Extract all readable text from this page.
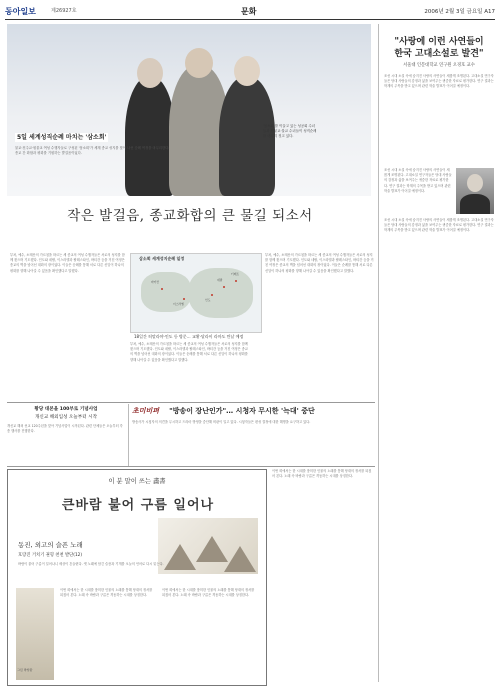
동아일보	제26927호	문화	2006년 2월 3일 금요일 A17
5일 세계성직순례 마치는 '삼소회'
불교·천주교·원불교 여성 수행자들로 구성된 '삼소회'가 세계 종교 성지를 찾아 나선 순례 여정을 마무리한다. 종교 간 화합과 평화를 기원하는 발걸음이었다.
'삼소회'를 이끌고 있는 성공회 수녀들과 원불교·불교 수녀들이 성직순례를 마무리 짓고 있다.
작은 발걸음, 종교화합의 큰 물길 되소서
부처, 예수, 소태산의 가르침을 따르는 세 종교의 여성 수행자들은 서로의 성지를 함께 찾으며 기도했다. 인도와 네팔, 이스라엘과 팔레스타인, 바티칸 등을 거친 여정은 종교의 벽을 넘어선 대화의 장이었다. 이들은 순례를 통해 서로 다른 신앙이 하나의 평화를 향해 나아갈 수 있음을 확인했다고 말했다.
삼소회 세계성지순례 일정
인도
네팔
이스라엘
바티칸
티베트
18일간 히말라야·인도 등 방문… 교황·달라이 라마도 만날 예정
부처, 예수, 소태산의 가르침을 따르는 세 종교의 여성 수행자들은 서로의 성지를 함께 찾으며 기도했다. 인도와 네팔, 이스라엘과 팔레스타인, 바티칸 등을 거친 여정은 종교의 벽을 넘어선 대화의 장이었다. 이들은 순례를 통해 서로 다른 신앙이 하나의 평화를 향해 나아갈 수 있음을 확인했다고 말했다.
부처, 예수, 소태산의 가르침을 따르는 세 종교의 여성 수행자들은 서로의 성지를 함께 찾으며 기도했다. 인도와 네팔, 이스라엘과 팔레스타인, 바티칸 등을 거친 여정은 종교의 벽을 넘어선 대화의 장이었다. 이들은 순례를 통해 서로 다른 신앙이 하나의 평화를 향해 나아갈 수 있음을 확인했다고 말했다.
"사랑에 이런 사연들이
한국 고대소설로 발견"
서울대 인문대학교 연구원 오경호 교수
조선 시대 소설 속에 숨겨진 사랑의 사연들이 새롭게 조명된다. 고대소설 연구자들은 당대 사람들의 감정과 삶을 보여주는 귀중한 자료로 평가한다. 연구 결과는 학계의 주목을 받고 있으며 관련 학술 발표가 이어질 예정이다.
조선 시대 소설 속에 숨겨진 사랑의 사연들이 새롭게 조명된다. 고대소설 연구자들은 당대 사람들의 감정과 삶을 보여주는 귀중한 자료로 평가한다. 연구 결과는 학계의 주목을 받고 있으며 관련 학술 발표가 이어질 예정이다.
조선 시대 소설 속에 숨겨진 사랑의 사연들이 새롭게 조명된다. 고대소설 연구자들은 당대 사람들의 감정과 삶을 보여주는 귀중한 자료로 평가한다. 연구 결과는 학계의 주목을 받고 있으며 관련 학술 발표가 이어질 예정이다.
황당 대본을 100부로 기념사업
개신교 해외입성 오늘부터 시작
개신교 해외 선교 120주년을 맞아 기념사업이 시작된다. 관련 단체들은 오늘부터 각종 행사를 진행한다.
초미비펴 "방송이 장난인가"… 시청자 무시한 '늑대' 중단
방송사가 시청자의 의견을 무시하고 드라마 방영을 중단해 비판이 일고 있다. 시청자들은 편성 결정에 대한 해명을 요구하고 있다.
이 분 말이 쓰는 畵書
큰바람 불어 구름 일어나
동진, 외고의 슬픈 노래
호랑진 거치기 권형 천천 발단(12)
바람이 불어 구름이 일어나니 세상이 흔들린다. 옛 노래에 담긴 슬픔과 기개를 오늘의 언어로 다시 읽는다.
그림 박상환
이번 회에서는 한 시대를 풍미한 인물의 노래를 통해 당대의 정서를 되짚어 본다. 노래 속 바람과 구름은 격동하는 시대를 상징한다.
이번 회에서는 한 시대를 풍미한 인물의 노래를 통해 당대의 정서를 되짚어 본다. 노래 속 바람과 구름은 격동하는 시대를 상징한다.
이번 회에서는 한 시대를 풍미한 인물의 노래를 통해 당대의 정서를 되짚어 본다. 노래 속 바람과 구름은 격동하는 시대를 상징한다.
